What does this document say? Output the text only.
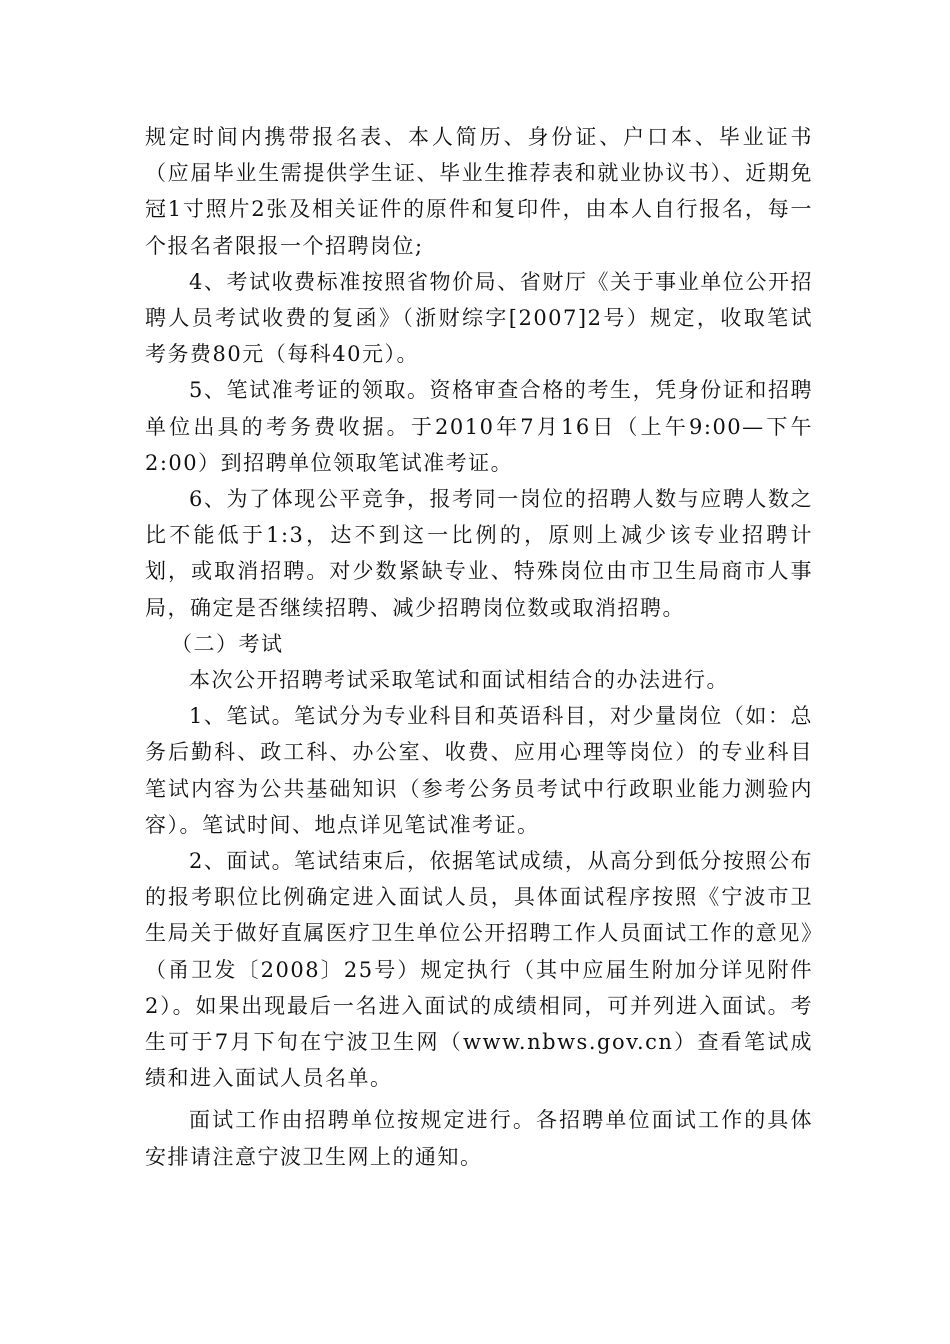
规定时间内携带报名表、本人简历、身份证、户口本、毕业证书（应届毕业生需提供学生证、毕业生推荐表和就业协议书）、近期免冠1寸照片2张及相关证件的原件和复印件，由本人自行报名，每一个报名者限报一个招聘岗位;

4、考试收费标准按照省物价局、省财厅《关于事业单位公开招聘人员考试收费的复函》（浙财综字[2007]2号）规定，收取笔试考务费80元（每科40元）。

5、笔试准考证的领取。资格审查合格的考生，凭身份证和招聘单位出具的考务费收据。于2010年7月16日（上午9:00—下午2:00）到招聘单位领取笔试准考证。

6、为了体现公平竞争，报考同一岗位的招聘人数与应聘人数之比不能低于1:3，达不到这一比例的，原则上减少该专业招聘计划，或取消招聘。对少数紧缺专业、特殊岗位由市卫生局商市人事局，确定是否继续招聘、减少招聘岗位数或取消招聘。

（二）考试

本次公开招聘考试采取笔试和面试相结合的办法进行。

1、笔试。笔试分为专业科目和英语科目，对少量岗位（如：总务后勤科、政工科、办公室、收费、应用心理等岗位）的专业科目笔试内容为公共基础知识（参考公务员考试中行政职业能力测验内容）。笔试时间、地点详见笔试准考证。

2、面试。笔试结束后，依据笔试成绩，从高分到低分按照公布的报考职位比例确定进入面试人员，具体面试程序按照《宁波市卫生局关于做好直属医疗卫生单位公开招聘工作人员面试工作的意见》（甬卫发〔2008〕25号）规定执行（其中应届生附加分详见附件2）。如果出现最后一名进入面试的成绩相同，可并列进入面试。考生可于7月下旬在宁波卫生网（www.nbws.gov.cn）查看笔试成绩和进入面试人员名单。

面试工作由招聘单位按规定进行。各招聘单位面试工作的具体安排请注意宁波卫生网上的通知。
